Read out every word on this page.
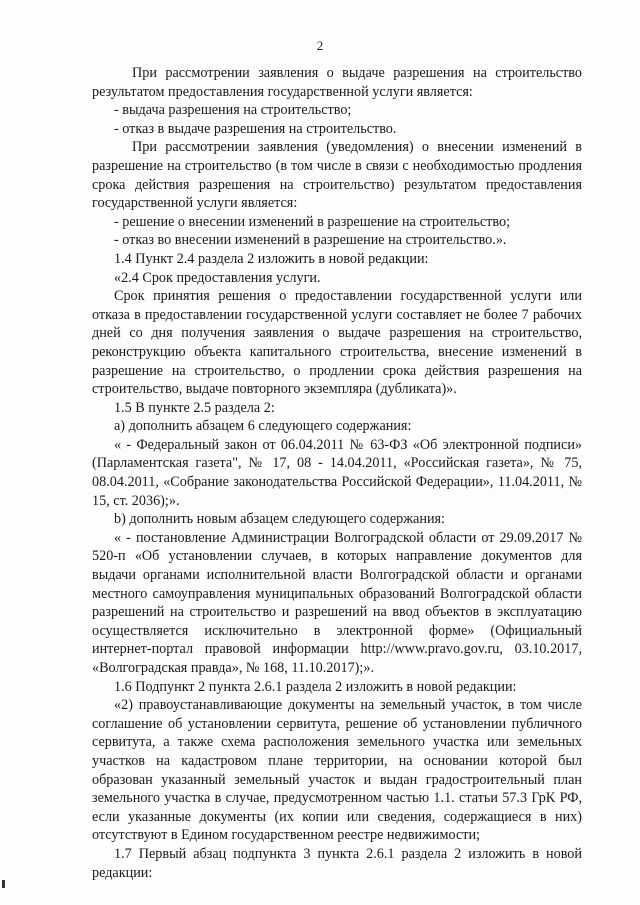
2

При рассмотрении заявления о выдаче разрешения на строительство результатом предоставления государственной услуги является:

- выдача разрешения на строительство;

- отказ в выдаче разрешения на строительство.

При рассмотрении заявления (уведомления) о внесении изменений в разрешение на строительство (в том числе в связи с необходимостью продления срока действия разрешения на строительство) результатом предоставления государственной услуги является:

- решение о внесении изменений в разрешение на строительство;

- отказ во внесении изменений в разрешение на строительство.».

1.4 Пункт 2.4 раздела 2 изложить в новой редакции:

«2.4 Срок предоставления услуги.

Срок принятия решения о предоставлении государственной услуги или отказа в предоставлении государственной услуги составляет не более 7 рабочих дней со дня получения заявления о выдаче разрешения на строительство, реконструкцию объекта капитального строительства, внесение изменений в разрешение на строительство, о продлении срока действия разрешения на строительство, выдаче повторного экземпляра (дубликата)».

1.5 В пункте 2.5 раздела 2:

а) дополнить абзацем 6 следующего содержания:

« - Федеральный закон от 06.04.2011 № 63-ФЗ «Об электронной подписи» (Парламентская газета", № 17, 08 - 14.04.2011, «Российская газета», № 75, 08.04.2011, «Собрание законодательства Российской Федерации», 11.04.2011, № 15, ст. 2036);».

b) дополнить новым абзацем следующего содержания:

« - постановление Администрации Волгоградской области от 29.09.2017 № 520-п «Об установлении случаев, в которых направление документов для выдачи органами исполнительной власти Волгоградской области и органами местного самоуправления муниципальных образований Волгоградской области разрешений на строительство и разрешений на ввод объектов в эксплуатацию осуществляется исключительно в электронной форме» (Официальный интернет-портал правовой информации http://www.pravo.gov.ru, 03.10.2017, «Волгоградская правда», № 168, 11.10.2017);».

1.6 Подпункт 2 пункта 2.6.1 раздела 2 изложить в новой редакции:

«2) правоустанавливающие документы на земельный участок, в том числе соглашение об установлении сервитута, решение об установлении публичного сервитута, а также схема расположения земельного участка или земельных участков на кадастровом плане территории, на основании которой был образован указанный земельный участок и выдан градостроительный план земельного участка в случае, предусмотренном частью 1.1. статьи 57.3 ГрК РФ, если указанные документы (их копии или сведения, содержащиеся в них) отсутствуют в Едином государственном реестре недвижимости;

1.7 Первый абзац подпункта 3 пункта 2.6.1 раздела 2 изложить в новой редакции:
